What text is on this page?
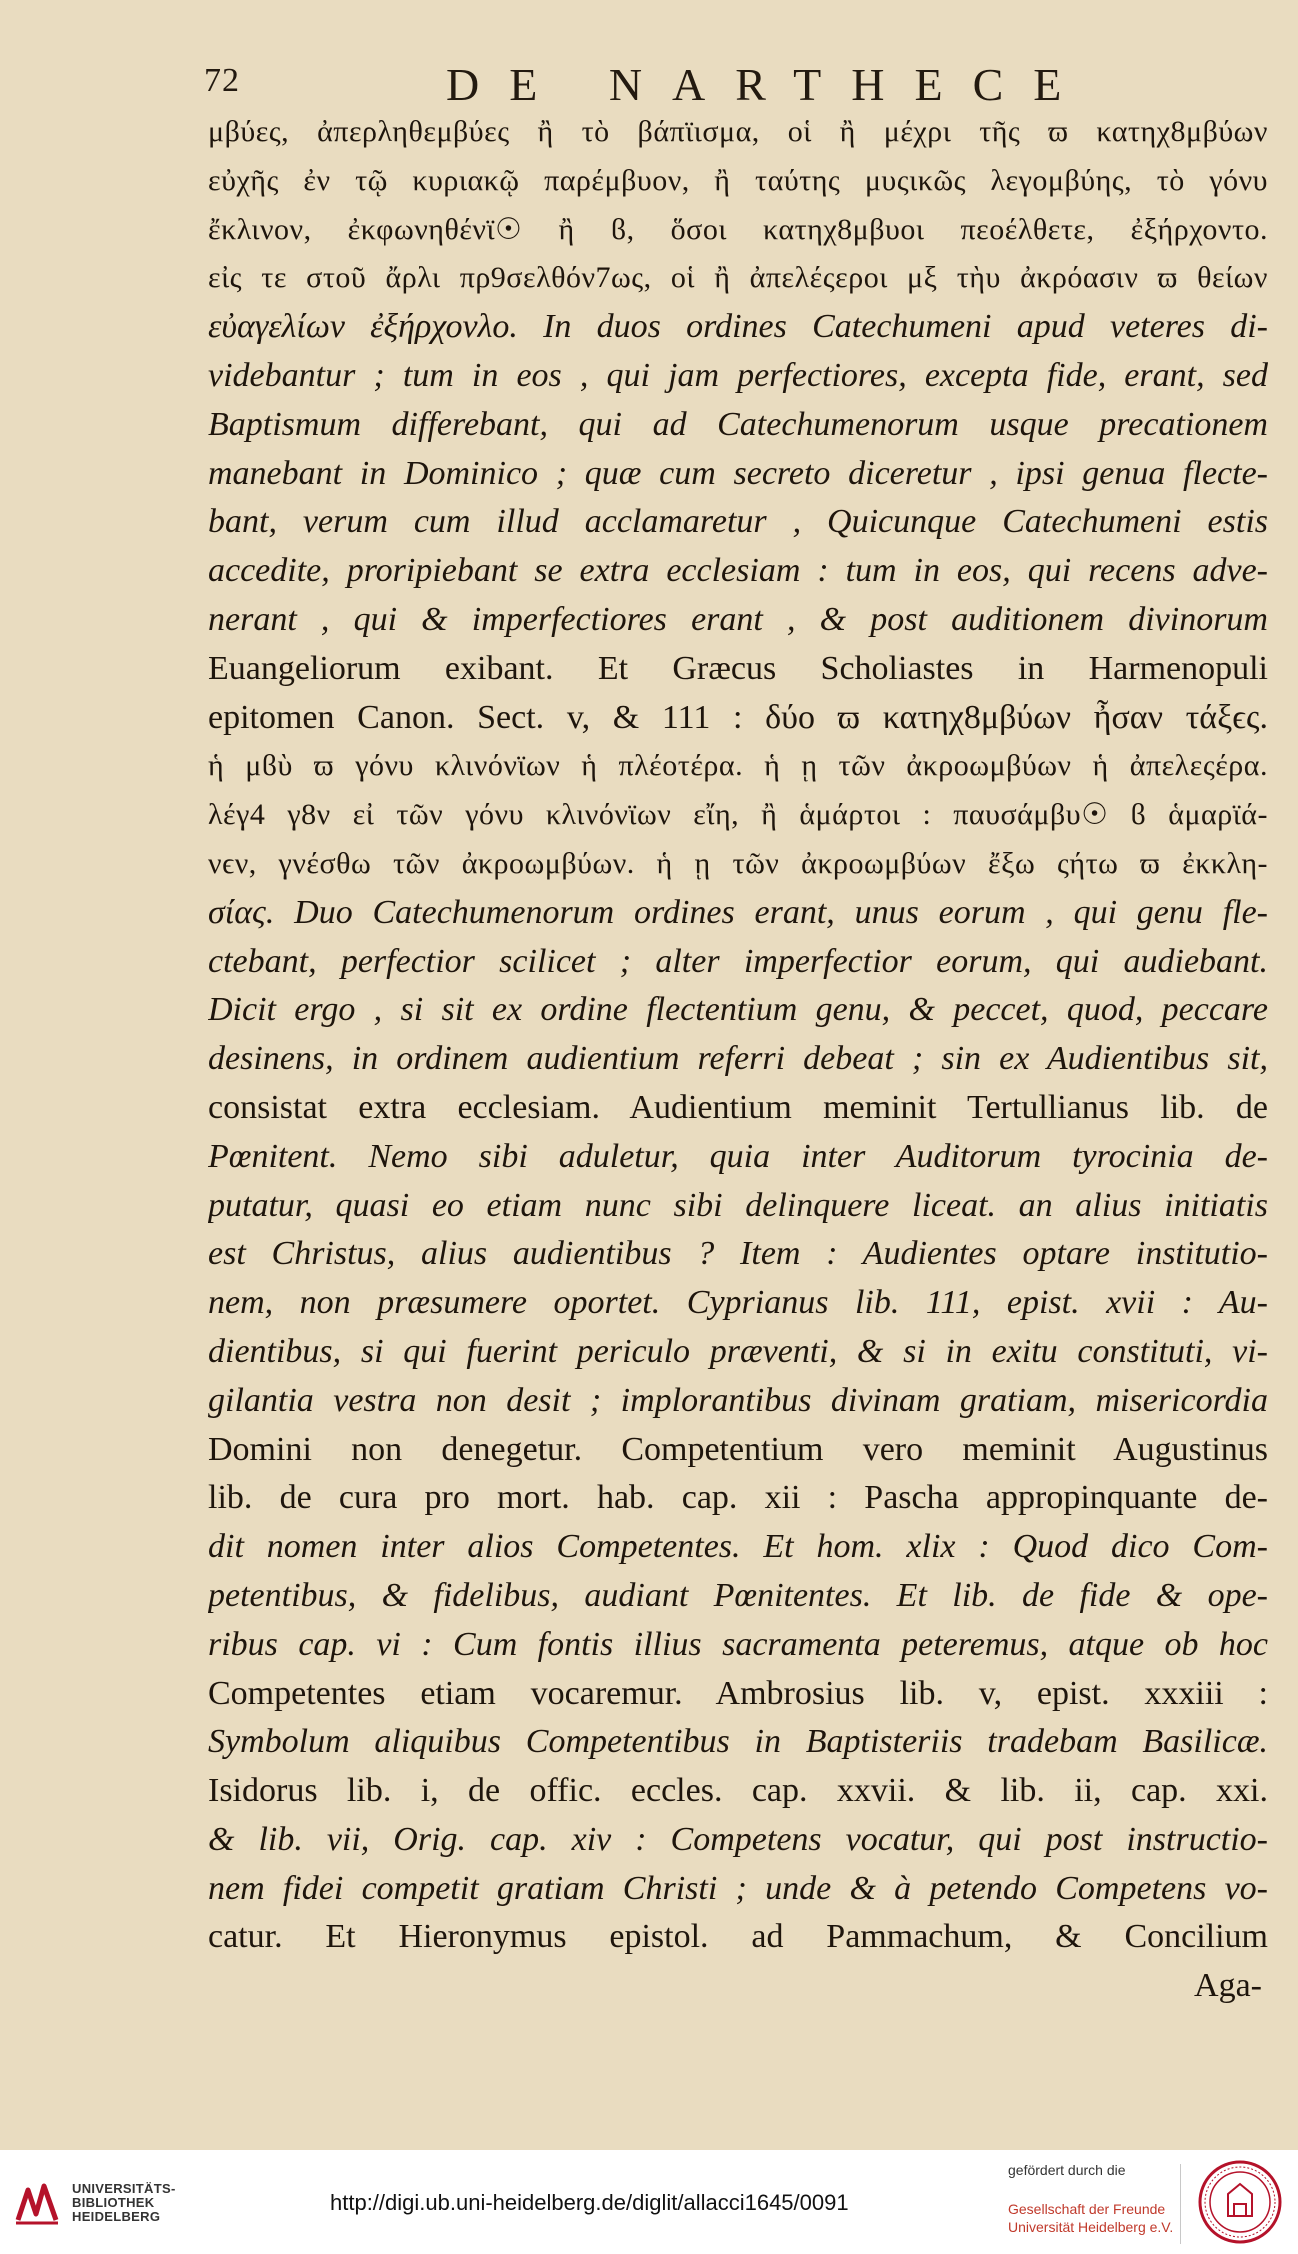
72	DE NARTHECE
μβύες, ἀπερληθεμβύες ἢ τὸ βάπϊισμα, οἱ ἢ μέχρι τῆς ϖ κατηχ8μβύων
εὐχῆς ἐν τῷ κυριακῷ παρέμβυον, ἢ ταύτης μυςικῶς λεγομβύης, τὸ γόνυ
ἔκλινον, ἐκφωνηθένϊ☉ ἢ ϐ, ὅσοι κατηχ8μβυοι πεοέλθετε, ἐξήρχοντο.
εἰς τε στοῦ ἄρλι πρ9σελθόν7ως, οἱ ἢ ἀπελέςεροι μξ τὴυ ἀκρόασιν ϖ θείων
εὐαγελίων ἐξήρχονλο. In duos ordines Catechumeni apud veteres di-
videbantur ; tum in eos , qui jam perfectiores, excepta fide, erant, sed
Baptismum differebant, qui ad Catechumenorum usque precationem
manebant in Dominico ; quæ cum secreto diceretur , ipsi genua flecte-
bant, verum cum illud acclamaretur , Quicunque Catechumeni estis
accedite, proripiebant se extra ecclesiam : tum in eos, qui recens adve-
nerant , qui & imperfectiores erant , & post auditionem divinorum
Euangeliorum exibant. Et Græcus Scholiastes in Harmenopuli
epitomen Canon. Sect. v, & 111 : δύο ϖ κατηχ8μβύων ἦσαν τάξϵς.
ἡ μϐὺ ϖ γόνυ κλινόνϊων ἡ πλέοτέρα. ἡ ῃ τῶν ἀκροωμβύων ἡ ἀπελεςέρα.
λέγ4 γ8ν εἰ τῶν γόνυ κλινόνϊων εἴη, ἢ ἁμάρτοι : παυσάμβυ☉ ϐ ἁμαρϊά-
νϵν, γνέσθω τῶν ἀκροωμβύων. ἡ ῃ τῶν ἀκροωμβύων ἔξω ςήτω ϖ ἐκκλη-
σίας. Duo Catechumenorum ordines erant, unus eorum , qui genu fle-
ctebant, perfectior scilicet ; alter imperfectior eorum, qui audiebant.
Dicit ergo , si sit ex ordine flectentium genu, & peccet, quod, peccare
desinens, in ordinem audientium referri debeat ; sin ex Audientibus sit,
consistat extra ecclesiam. Audientium meminit Tertullianus lib. de
Pœnitent. Nemo sibi aduletur, quia inter Auditorum tyrocinia de-
putatur, quasi eo etiam nunc sibi delinquere liceat. an alius initiatis
est Christus, alius audientibus ? Item : Audientes optare institutio-
nem, non præsumere oportet. Cyprianus lib. 111, epist. xvii : Au-
dientibus, si qui fuerint periculo præventi, & si in exitu constituti, vi-
gilantia vestra non desit ; implorantibus divinam gratiam, misericordia
Domini non denegetur. Competentium vero meminit Augustinus
lib. de cura pro mort. hab. cap. xii : Pascha appropinquante de-
dit nomen inter alios Competentes. Et hom. xlix : Quod dico Com-
petentibus, & fidelibus, audiant Pœnitentes. Et lib. de fide & ope-
ribus cap. vi : Cum fontis illius sacramenta peteremus, atque ob hoc
Competentes etiam vocaremur. Ambrosius lib. v, epist. xxxiii :
Symbolum aliquibus Competentibus in Baptisteriis tradebam Basilicæ.
Isidorus lib. i, de offic. eccles. cap. xxvii. & lib. ii, cap. xxi.
& lib. vii, Orig. cap. xiv : Competens vocatur, qui post instructio-
nem fidei competit gratiam Christi ; unde & à petendo Competens vo-
catur. Et Hieronymus epistol. ad Pammachum, & Concilium
Aga-
UNIVERSITÄTS-
BIBLIOTHEK
HEIDELBERG
http://digi.ub.uni-heidelberg.de/diglit/allacci1645/0091
gefördert durch die
Gesellschaft der Freunde
Universität Heidelberg e.V.
